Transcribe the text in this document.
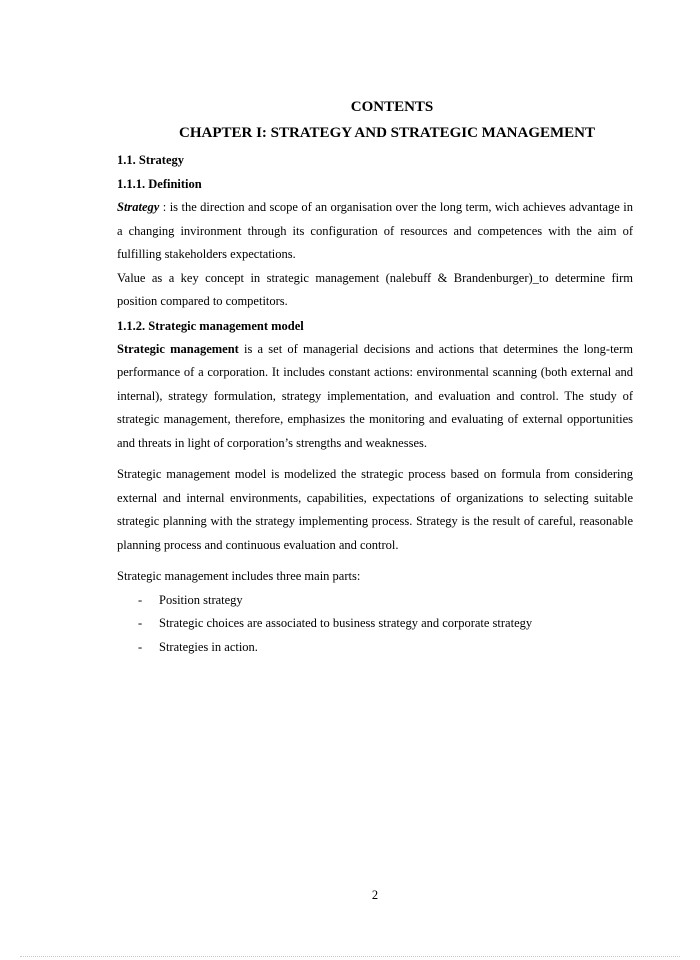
CONTENTS
CHAPTER I: STRATEGY AND STRATEGIC MANAGEMENT
1.1. Strategy
1.1.1. Definition

Strategy : is the direction and scope of an organisation over the long term, wich achieves advantage in a changing invironment through its configuration of resources and competences with the aim of fulfilling stakeholders expectations.

Value as a key concept in strategic management (nalebuff & Brandenburger)_to determine firm position compared to competitors.

1.1.2. Strategic management model

Strategic management is a set of managerial decisions and actions that determines the long-term performance of a corporation. It includes constant actions: environmental scanning (both external and internal), strategy formulation, strategy implementation, and evaluation and control. The study of strategic management, therefore, emphasizes the monitoring and evaluating of external opportunities and threats in light of corporation’s strengths and weaknesses.

Strategic management model is modelized the strategic process based on formula from considering external and internal environments, capabilities, expectations of organizations to selecting suitable strategic planning with the strategy implementing process. Strategy is the result of careful, reasonable planning process and continuous evaluation and control.

Strategic management includes three main parts:

- Position strategy
- Strategic choices are associated to business strategy and corporate strategy
- Strategies in action.
2
